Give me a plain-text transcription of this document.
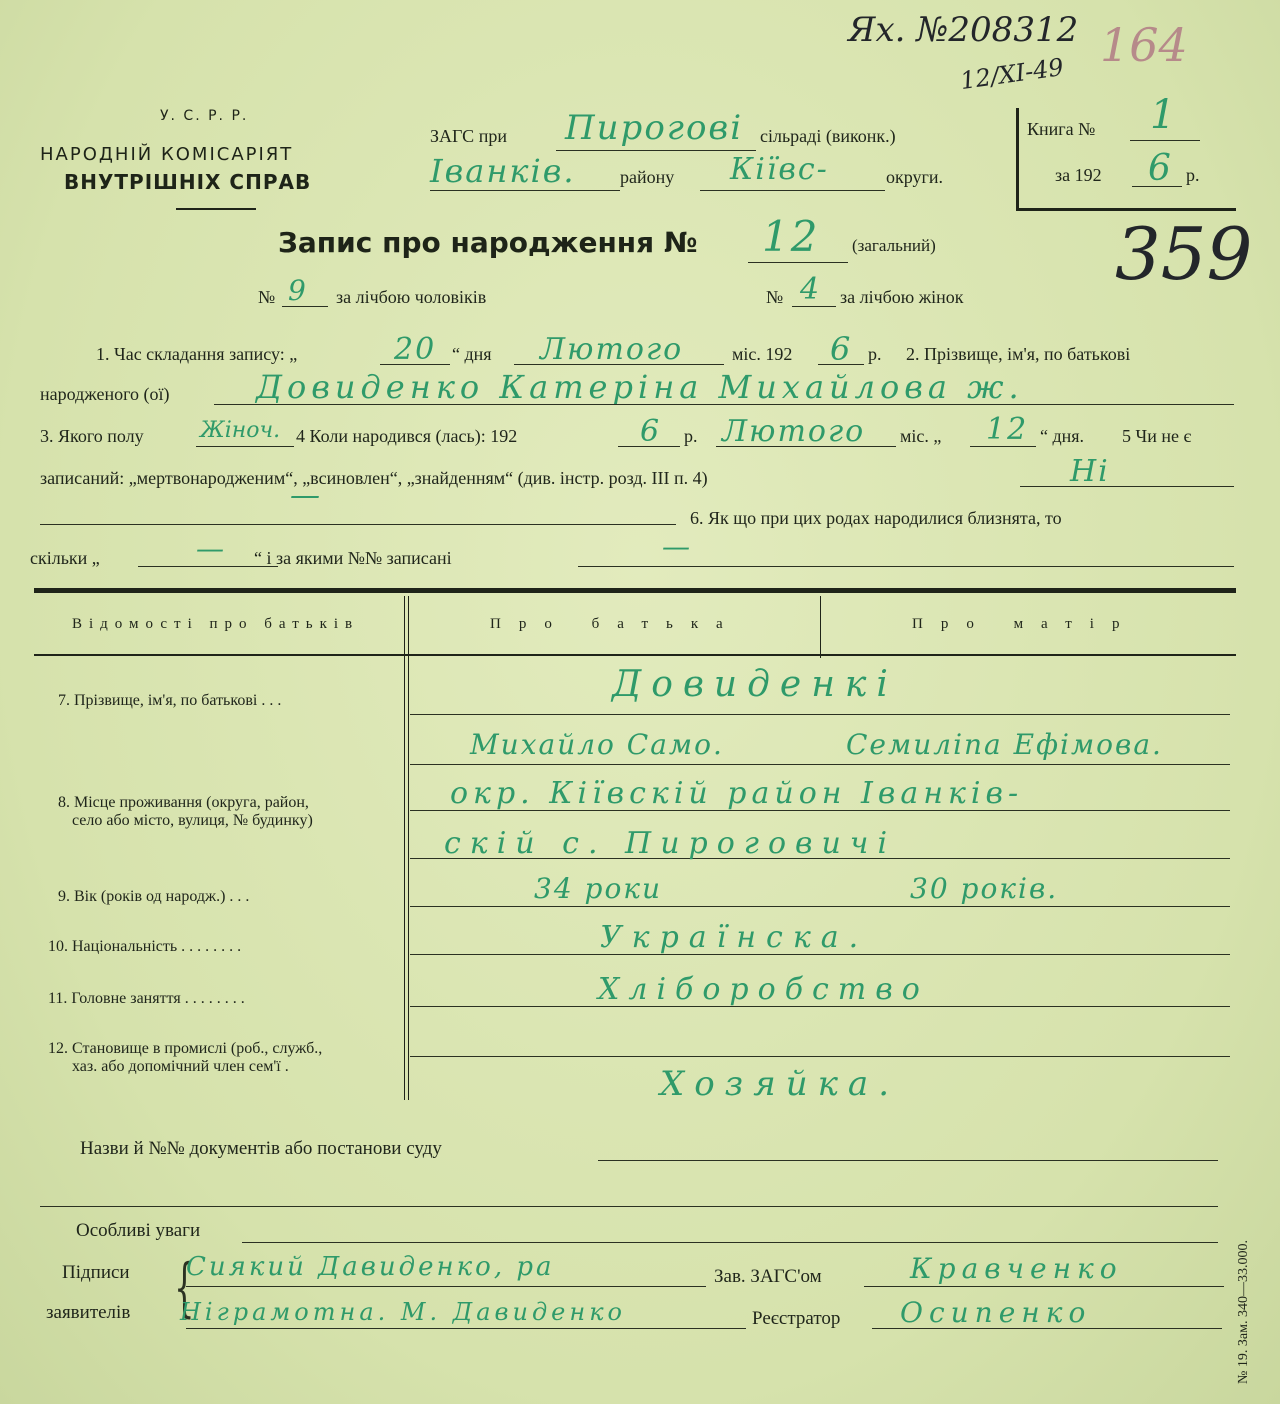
Ях. №208312
12/XI-49
164
359
У. С. Р. Р.
НАРОДНІЙ КОМІСАРІЯТ
ВНУТРІШНІХ СПРАВ
ЗАГС при Пирогові сільраді (виконк.)
Іванків. району Кіївс-	округи.
Книга № 1
за 192 6 р.
Запис про народження № 12 (загальний)
№ 9 за лічбою чоловіків	№ 4 за лічбою жінок
1. Час складання запису: „	20 “ дня Лютого	міс. 192 6 р. 2. Прізвище, ім'я, по батькові
народженого (ої)	Довиденко Катеріна Михайлова ж.
3. Якого полу	Жіноч. 4 Коли народився (лась): 192	6 р. Лютого міс. „ 12 “ дня. 5 Чи не є
записаний: „мертвонародженим“, „всиновлен“, „знайденням“ (див. інстр. розд. III п. 4)	Ні
—
6. Як що при цих родах народилися близнята, то
скільки „	— “ і за якими №№ записані	—
Відомості про батьків	Про батька	Про матір
7. Прізвище, ім'я, по батькові . . .	Довиденкі
Михайло Само.	Семиліпа Ефімова.
8. Місце проживання (округа, район,
село або місто, вулиця, № будинку)
окр. Кіївскій район Іванків-
скій с. Пироговичі
9. Вік (років од народж.) . . .	34 роки	30 років.
10. Національність . . . . . . . .	Українска.
11. Головне заняття . . . . . . . .	Хліборобство
12. Становище в промислі (роб., служб.,
хаз. або допомічний член сем'ї .	Хозяйка.
Назви й №№ документів або постанови суду
Особливі уваги
Підписи
заявителів {
Сиякий Давиденко, ра
Ніграмотна. М. Давиденко
Зав. ЗАГС'ом	Кравченко
Реєстратор Осипенко	№ 19. Зам. 340—33.000.
